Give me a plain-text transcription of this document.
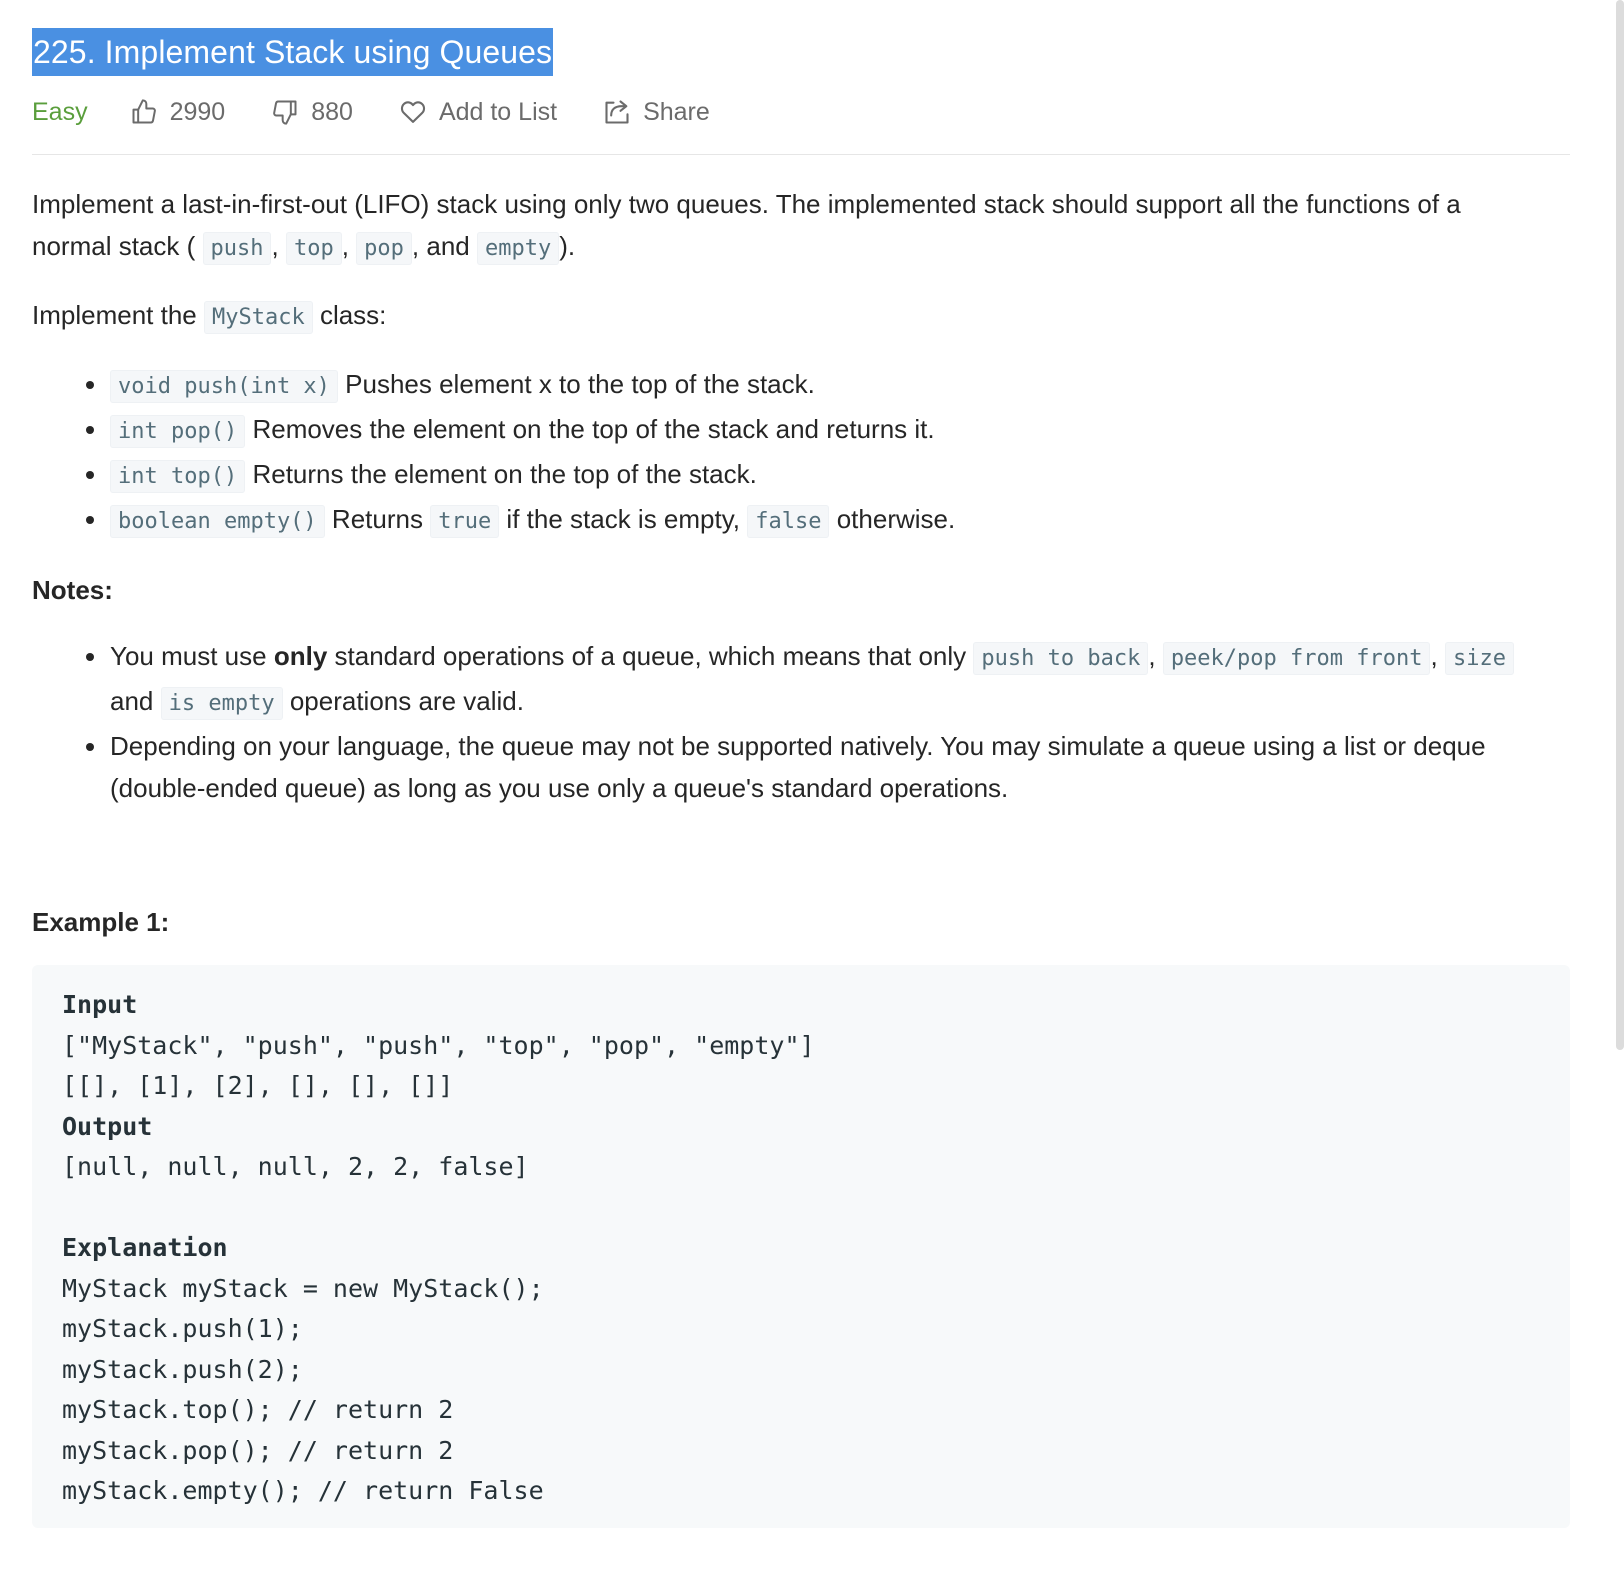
225. Implement Stack using Queues
Easy	2990	880	Add to List	Share

Implement a last-in-first-out (LIFO) stack using only two queues. The implemented stack should support all the functions of a normal stack ( push , top , pop , and empty ).

Implement the MyStack class:

void push(int x) Pushes element x to the top of the stack.
int pop() Removes the element on the top of the stack and returns it.
int top() Returns the element on the top of the stack.
boolean empty() Returns true if the stack is empty, false otherwise.

Notes:

You must use only standard operations of a queue, which means that only push to back , peek/pop from front , size and is empty operations are valid.
Depending on your language, the queue may not be supported natively. You may simulate a queue using a list or deque (double-ended queue) as long as you use only a queue's standard operations.

Example 1:

Input
["MyStack", "push", "push", "top", "pop", "empty"]
[[], [1], [2], [], [], []]
Output
[null, null, null, 2, 2, false]

Explanation
MyStack myStack = new MyStack();
myStack.push(1);
myStack.push(2);
myStack.top(); // return 2
myStack.pop(); // return 2
myStack.empty(); // return False
